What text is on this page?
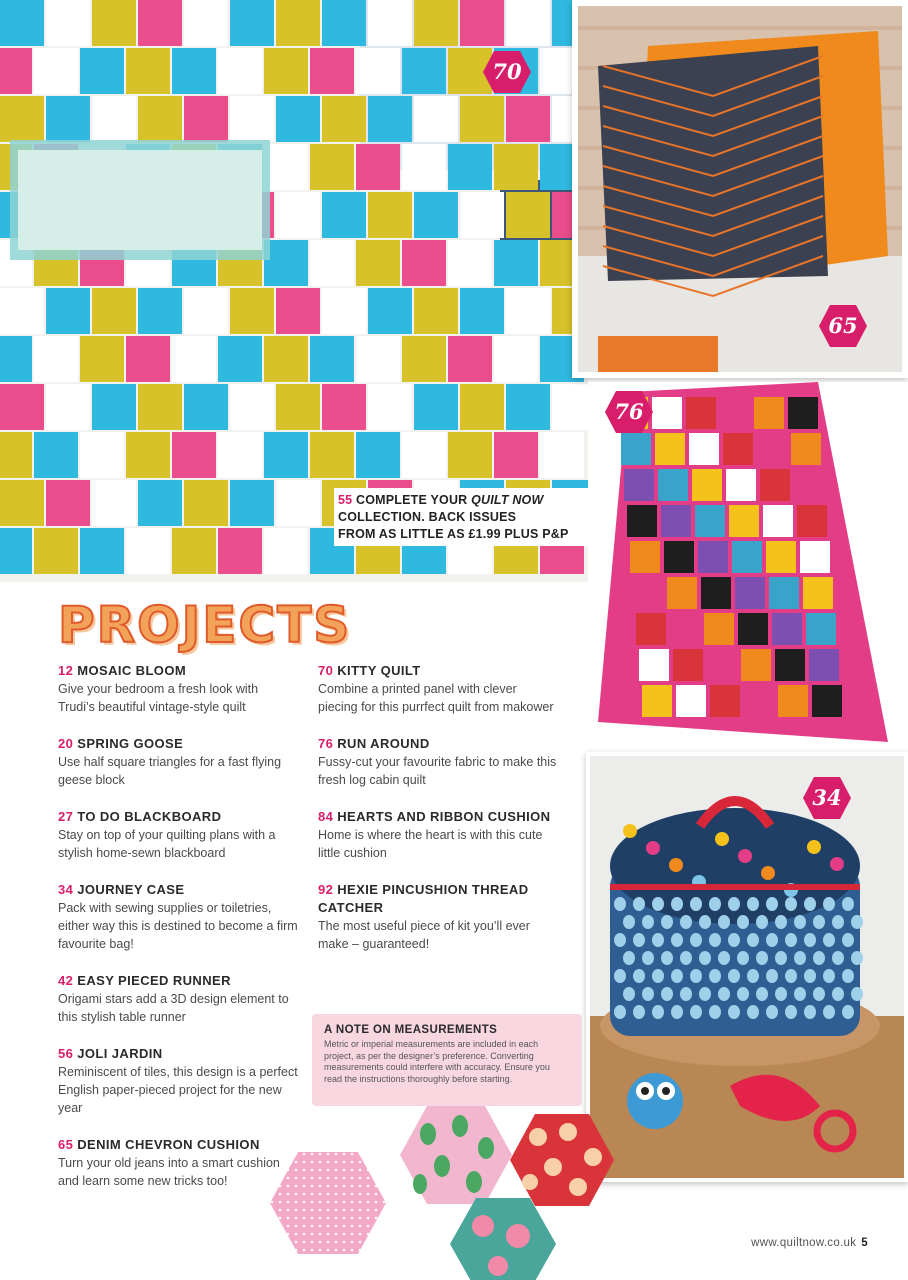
70
65
76
34
55 COMPLETE YOUR QUILT NOW
COLLECTION. BACK ISSUES
FROM AS LITTLE AS £1.99 PLUS P&P
PROJECTS
12 MOSAIC BLOOM
Give your bedroom a fresh look with Trudi’s beautiful vintage-style quilt
20 SPRING GOOSE
Use half square triangles for a fast flying geese block
27 TO DO BLACKBOARD
Stay on top of your quilting plans with a stylish home-sewn blackboard
34 JOURNEY CASE
Pack with sewing supplies or toiletries, either way this is destined to become a firm favourite bag!
42 EASY PIECED RUNNER
Origami stars add a 3D design element to this stylish table runner
56 JOLI JARDIN
Reminiscent of tiles, this design is a perfect English paper-pieced project for the new year
65 DENIM CHEVRON CUSHION
Turn your old jeans into a smart cushion and learn some new tricks too!
70 KITTY QUILT
Combine a printed panel with clever piecing for this purrfect quilt from makower
76 RUN AROUND
Fussy-cut your favourite fabric to make this fresh log cabin quilt
84 HEARTS AND RIBBON CUSHION
Home is where the heart is with this cute little cushion
92 HEXIE PINCUSHION THREAD CATCHER
The most useful piece of kit you’ll ever make – guaranteed!
A NOTE ON MEASUREMENTS
Metric or imperial measurements are included in each project, as per the designer’s preference. Converting measurements could interfere with accuracy. Ensure you read the instructions thoroughly before starting.
www.quiltnow.co.uk 5
